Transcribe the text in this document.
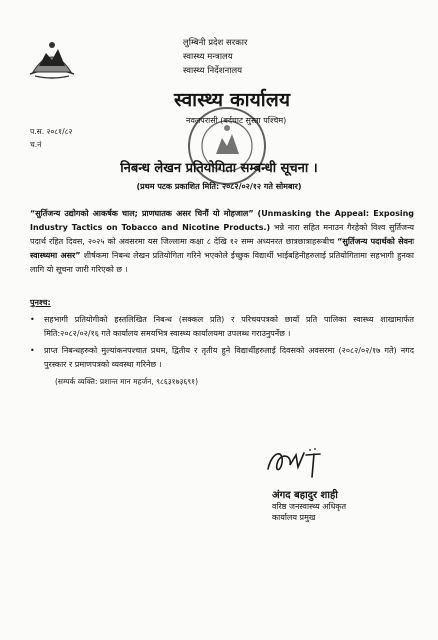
लुम्बिनी प्रदेश सरकार
स्वास्थ्य मन्त्रालय
स्वास्थ्य निर्देशनालय
स्वास्थ्य कार्यालय
नवलपरासी (बर्दघाट सुस्ता पश्चिम)
प.स. २०८१/८२
च.नं
निबन्ध लेखन प्रतियोगिता सम्बन्धी सूचना ।
(प्रथम पटक प्रकाशित मिति: २०८२/०२/१२ गते सोमबार)
“सुर्तिजन्य उद्योगको आकर्षक चाल; प्राणघातक असर चिनौं यो मोहजाल” (Unmasking the Appeal: Exposing Industry Tactics on Tobacco and Nicotine Products.) भन्ने नारा सहित मनाउन गैरहेको विश्व सुर्तिजन्य पदार्थ रहित दिवस, २०२५ को अवसरमा यस जिल्लामा कक्षा ८ देखि १२ सम्म अध्यनरत छात्रछात्राहरूबीच “सुर्तिजन्य पदार्थको सेवनः स्वास्थ्यमा असर” शीर्षकमा निबन्ध लेखन प्रतियोगिता गरिने भएकोले ईच्छुक विद्यार्थी भाईबहिनीहरुलाई प्रतियोगितामा सहभागी हुनका लागि यो सूचना जारी गरिएको छ ।
पुनश्च:
• सहभागी प्रतियोगीको हस्तलिखित निबन्ध (सक्कल प्रति) र परिचयपत्रको छायाँ प्रति पालिका स्वास्थ्य शाखामार्फत मिति:२०८२/०२/१६ गते कार्यालय समयभित्र स्वास्थ्य कार्यालयमा उपलब्ध गराउनुपर्नेछ ।
• प्राप्त निबन्धहरुको मुल्यांकनपश्चात प्रथम, द्वितीय र तृतीय हुने विद्यार्थीहरुलाई दिवसको अवसरमा (२०८२/०२/१७ गते) नगद पुरस्कार र प्रमाणपत्रको व्यवस्था गरिनेछ ।
(सम्पर्क व्यक्ति: प्रशान्त मान महर्जन, ९८६३१७३६९१)
अंगद बहादुर शाही
वरिष्ठ जनस्वास्थ्य अधिकृत
कार्यालय प्रमुख
